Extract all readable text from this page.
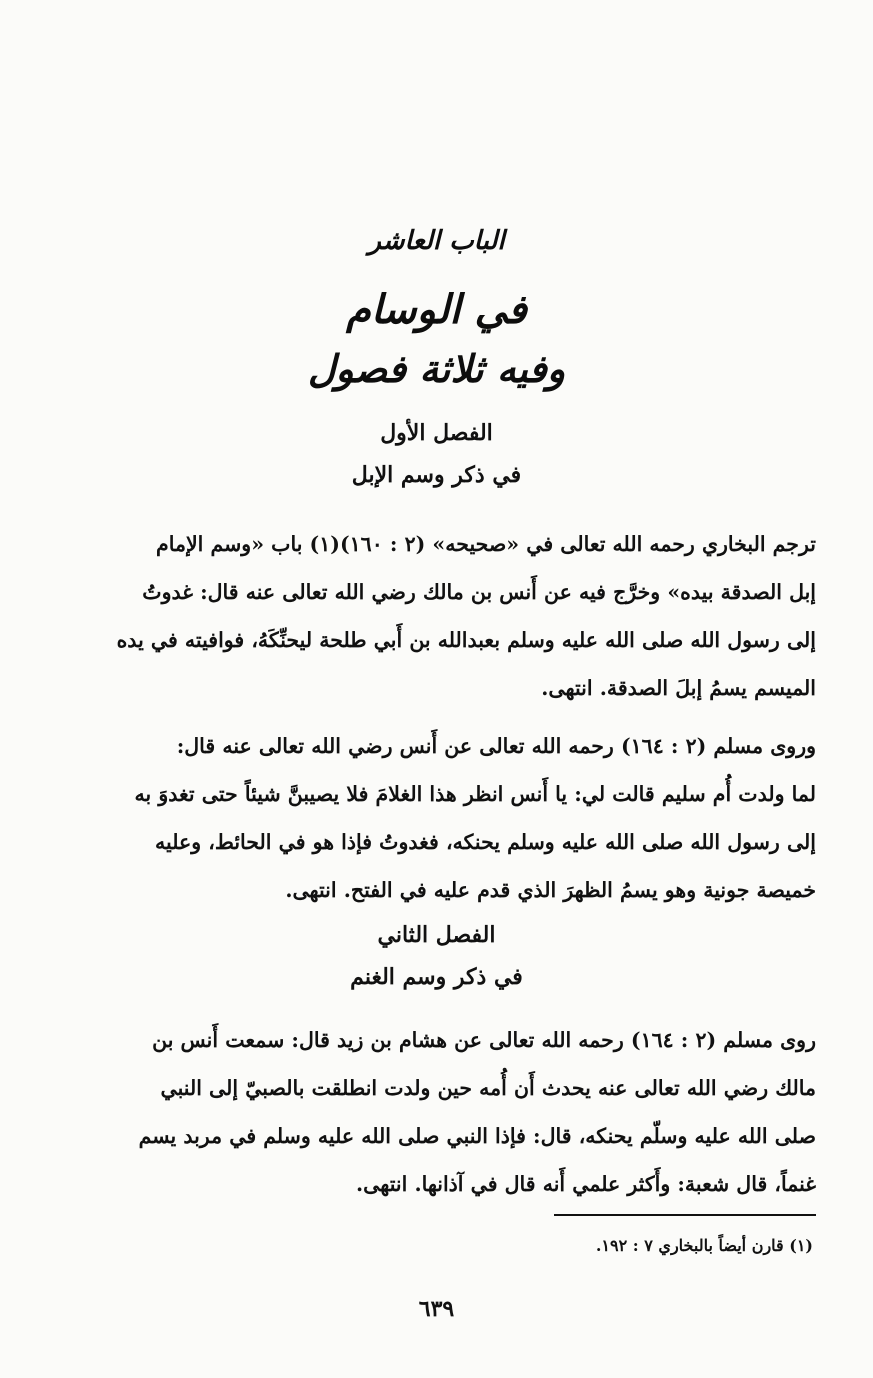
الباب العاشر
في الوسام
وفيه ثلاثة فصول
الفصل الأول
في ذكر وسم الإبل
ترجم البخاري رحمه الله تعالى في «صحيحه» (٢ : ١٦٠)(١) باب «وسم الإمام
إبل الصدقة بيده» وخرَّج فيه عن أَنس بن مالك رضي الله تعالى عنه قال: غدوتُ
إلى رسول الله صلى الله عليه وسلم بعبدالله بن أَبي طلحة ليحنِّكَهُ، فوافيته في يده
الميسم يسمُ إبلَ الصدقة. انتهى.
وروى مسلم (٢ : ١٦٤) رحمه الله تعالى عن أَنس رضي الله تعالى عنه قال:
لما ولدت أُم سليم قالت لي: يا أَنس انظر هذا الغلامَ فلا يصيبنَّ شيئاً حتى تغدوَ به
إلى رسول الله صلى الله عليه وسلم يحنكه، فغدوتُ فإذا هو في الحائط، وعليه
خميصة جونية وهو يسمُ الظهرَ الذي قدم عليه في الفتح. انتهى.
الفصل الثاني
في ذكر وسم الغنم
روى مسلم (٢ : ١٦٤) رحمه الله تعالى عن هشام بن زيد قال: سمعت أَنس بن
مالك رضي الله تعالى عنه يحدث أَن أُمه حين ولدت انطلقت بالصبيّ إلى النبي
صلى الله عليه وسلّم يحنكه، قال: فإذا النبي صلى الله عليه وسلم في مربد يسم
غنماً، قال شعبة: وأَكثر علمي أَنه قال في آذانها. انتهى.
(١) قارن أيضاً بالبخاري ٧ : ١٩٢.
٦٣٩
